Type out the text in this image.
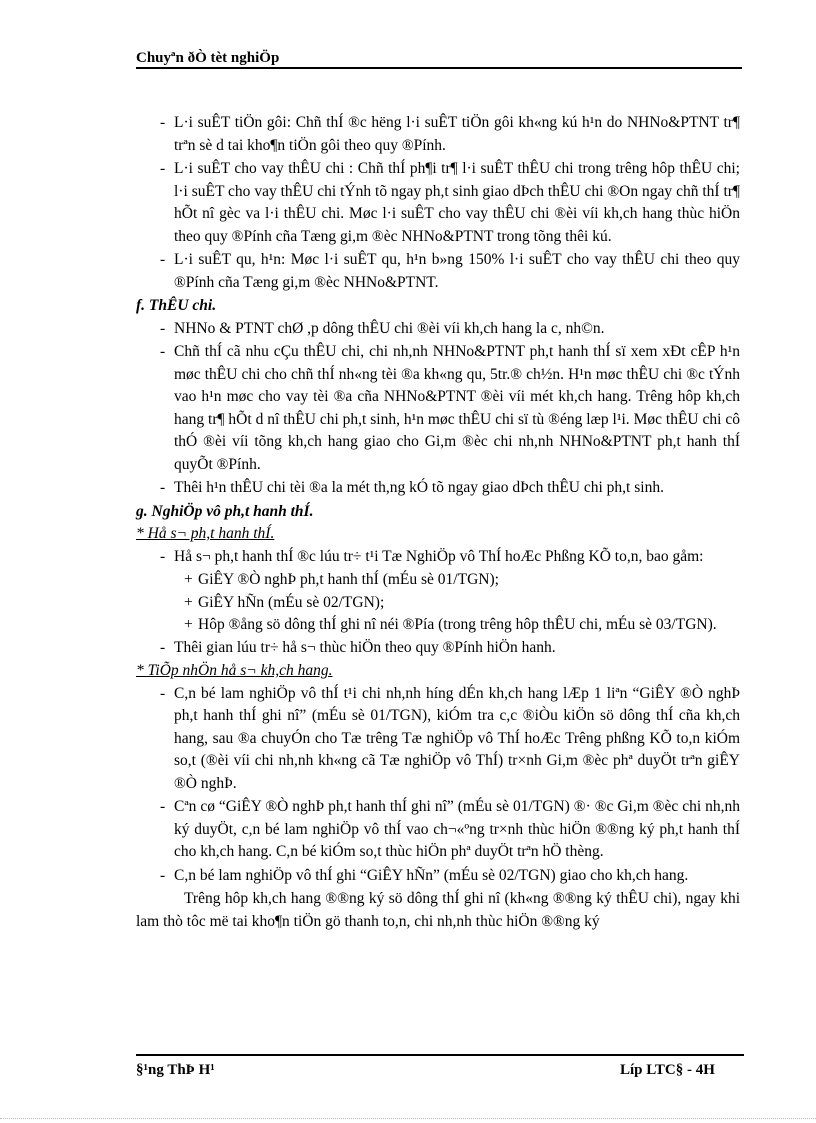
Chuyªn ðÒ tèt nghiÖp
- L·i suÊT tiÖn gôi: Chñ thÍ ®c hëng l·i suÊT tiÖn gôi kh«ng kú h¹n do NHNo&PTNT tr¶ trªn sè d tai kho¶n tiÖn gôi theo quy ®Pính.
- L·i suÊT cho vay thÊU chi : Chñ thÍ ph¶i tr¶ l·i suÊT thÊU chi trong trêng hôp thÊU chi; l·i suÊT cho vay thÊU chi tÝnh tõ ngay ph,t sinh giao dÞch thÊU chi ®On ngay chñ thÍ tr¶ hÕt nî gèc va l·i thÊU chi. Møc l·i suÊT cho vay thÊU chi ®èi víi kh,ch hang thùc hiÖn theo quy ®Pính cña Tæng gi,m ®èc NHNo&PTNT trong tõng thêi kú.
- L·i suÊT qu, h¹n: Møc l·i suÊT qu, h¹n b»ng 150% l·i suÊT cho vay thÊU chi theo quy ®Pính cña Tæng gi,m ®èc NHNo&PTNT.

f. ThÊU chi.

- NHNo & PTNT chØ ,p dông thÊU chi ®èi víi kh,ch hang la c, nh©n.
- Chñ thÍ cã nhu cÇu thÊU chi, chi nh,nh NHNo&PTNT ph,t hanh thÍ sï xem xÐt cÊP h¹n møc thÊU chi cho chñ thÍ nh«ng tèi ®a kh«ng qu, 5tr.® ch½n. H¹n møc thÊU chi ®c tÝnh vao h¹n møc cho vay tèi ®a cña NHNo&PTNT ®èi víi mét kh,ch hang. Trêng hôp kh,ch hang tr¶ hÕt d nî thÊU chi ph,t sinh, h¹n møc thÊU chi sï tù ®éng læp l¹i. Møc thÊU chi cô thÓ ®èi víi tõng kh,ch hang giao cho Gi,m ®èc chi nh,nh NHNo&PTNT ph,t hanh thÍ quyÕt ®Pính.
- Thêi h¹n thÊU chi tèi ®a la mét th,ng kÓ tõ ngay giao dÞch thÊU chi ph,t sinh.

g. NghiÖp vô ph,t hanh thÍ.

* Hå s¬ ph,t hanh thÍ.

- Hå s¬ ph,t hanh thÍ ®c lúu tr÷ t¹i Tæ NghiÖp vô ThÍ hoÆc Phßng KÕ to,n, bao gåm:
+ GiÊY ®Ò nghÞ ph,t hanh thÍ (mÉu sè 01/TGN);
+ GiÊY hÑn (mÉu sè 02/TGN);
+ Hôp ®ång sö dông thÍ ghi nî néi ®Pía (trong trêng hôp thÊU chi, mÉu sè 03/TGN).
- Thêi gian lúu tr÷ hå s¬ thùc hiÖn theo quy ®Pính hiÖn hanh.

* TiÕp nhÖn hå s¬ kh,ch hang.

- C,n bé lam nghiÖp vô thÍ t¹i chi nh,nh híng dÉn kh,ch hang lÆp 1 liªn “GiÊY ®Ò nghÞ ph,t hanh thÍ ghi nî” (mÉu sè 01/TGN), kiÓm tra c,c ®iÒu kiÖn sö dông thÍ cña kh,ch hang, sau ®a chuyÓn cho Tæ trêng Tæ nghiÖp vô ThÍ hoÆc Trêng phßng KÕ to,n kiÓm so,t (®èi víi chi nh,nh kh«ng cã Tæ nghiÖp vô ThÍ) tr×nh Gi,m ®èc phª duyÖt trªn giÊY ®Ò nghÞ.
- Cªn cø “GiÊY ®Ò nghÞ ph,t hanh thÍ ghi nî” (mÉu sè 01/TGN) ®· ®c Gi,m ®èc chi nh,nh ký duyÖt, c,n bé lam nghiÖp vô thÍ vao ch¬«ºng tr×nh thùc hiÖn ®®ng ký ph,t hanh thÍ cho kh,ch hang. C,n bé kiÓm so,t thùc hiÖn phª duyÖt trªn hÖ thèng.
- C,n bé lam nghiÖp vô thÍ ghi “GiÊY hÑn” (mÉu sè 02/TGN) giao cho kh,ch hang.

Trêng hôp kh,ch hang ®®ng ký sö dông thÍ ghi nî (kh«ng ®®ng ký thÊU chi), ngay khi lam thò tôc më tai kho¶n tiÖn gö thanh to,n, chi nh,nh thùc hiÖn ®®ng ký

§¹ng ThÞ H¹	Líp LTC§ - 4H
